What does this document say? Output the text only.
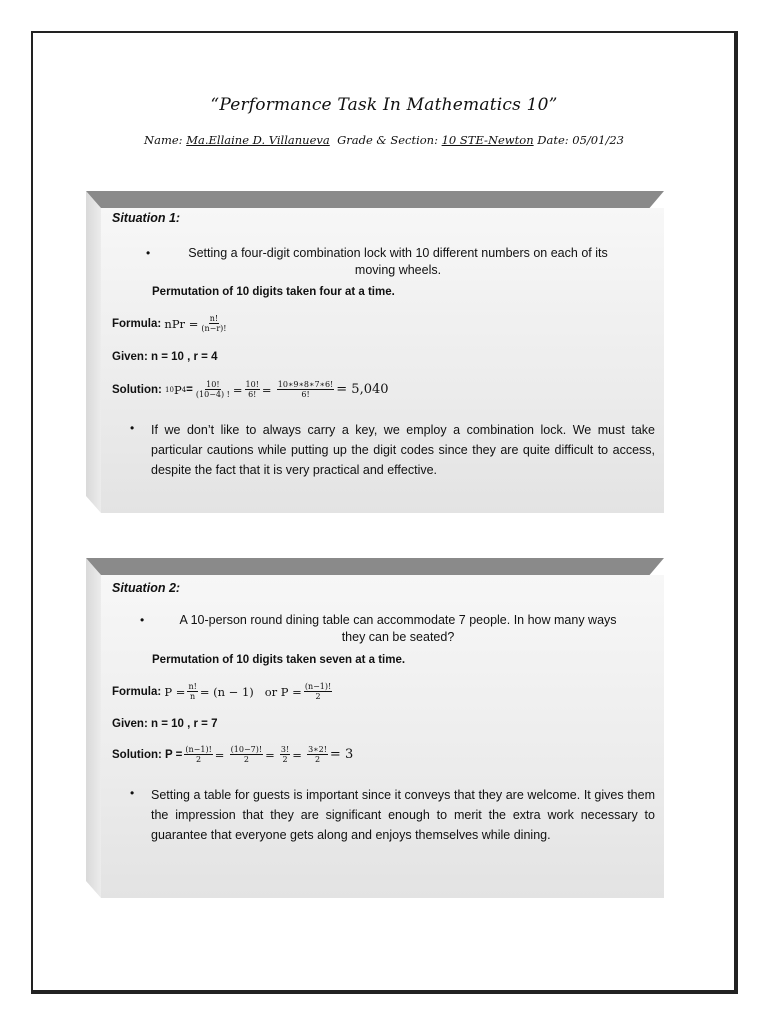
“Performance Task In Mathematics 10”
Name: Ma.Ellaine D. Villanueva Grade & Section: 10 STE-Newton Date: 05/01/23
Situation 1:
•	Setting a four-digit combination lock with 10 different numbers on each of its
moving wheels.
Permutation of 10 digits taken four at a time.
Formula:
nPr = $\frac{n!}{(n-r)!}$
Given: n = 10 , r = 4
Solution:
10 P $4 = \frac{10!}{(10-4) !} = \frac{10!}{6!}$ =
$\frac{10∗9∗8∗7∗6!}{6!} = 5,040$
• If we don’t like to always carry a key, we employ a combination lock. We must take particular cautions while putting up the digit codes since they are quite difficult to access, despite the fact that it is very practical and effective.
Situation 2:
•	A 10-person round dining table can accommodate 7 people. In how many ways
they can be seated?
Permutation of 10 digits taken seven at a time.
Formula:
$P = \frac{n!}{n} = (n - 1)$   or $P = \frac{(n-1)!}{2}$
Given: n = 10 , r = 7
Solution: $P = \frac{(n-1)!}{2}$ =
$\frac{(10-7)!}{2}$ =
$\frac{3!}{2}$ =
$\frac{3∗2!}{2} = 3$
• Setting a table for guests is important since it conveys that they are welcome. It gives them the impression that they are significant enough to merit the extra work necessary to guarantee that everyone gets along and enjoys themselves while dining.
